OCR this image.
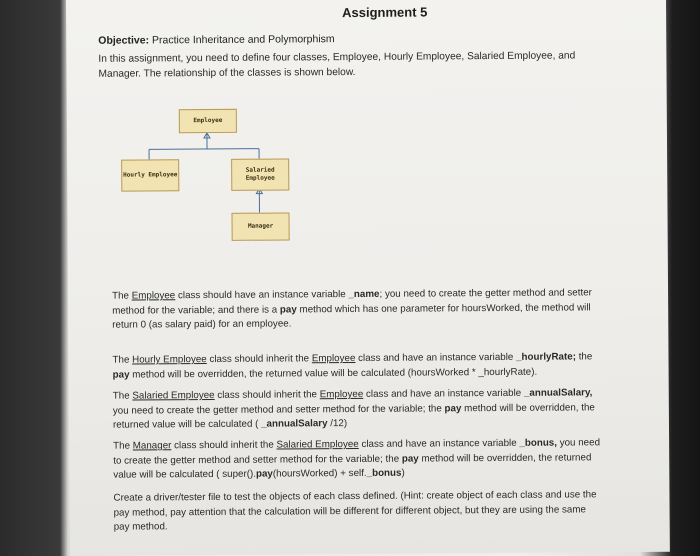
Assignment 5
Objective: Practice Inheritance and Polymorphism
In this assignment, you need to define four classes, Employee, Hourly Employee, Salaried Employee, and Manager. The relationship of the classes is shown below.
Employee
Hourly Employee
Salaried Employee
Manager
The Employee class should have an instance variable _name; you need to create the getter method and setter method for the variable; and there is a pay method which has one parameter for hoursWorked, the method will return 0 (as salary paid) for an employee.
The Hourly Employee class should inherit the Employee class and have an instance variable _hourlyRate; the pay method will be overridden, the returned value will be calculated (hoursWorked * _hourlyRate).
The Salaried Employee class should inherit the Employee class and have an instance variable _annualSalary, you need to create the getter method and setter method for the variable; the pay method will be overridden, the returned value will be calculated ( _annualSalary /12)
The Manager class should inherit the Salaried Employee class and have an instance variable _bonus, you need to create the getter method and setter method for the variable; the pay method will be overridden, the returned value will be calculated ( super().pay(hoursWorked) + self._bonus)
Create a driver/tester file to test the objects of each class defined. (Hint: create object of each class and use the pay method, pay attention that the calculation will be different for different object, but they are using the same pay method.
